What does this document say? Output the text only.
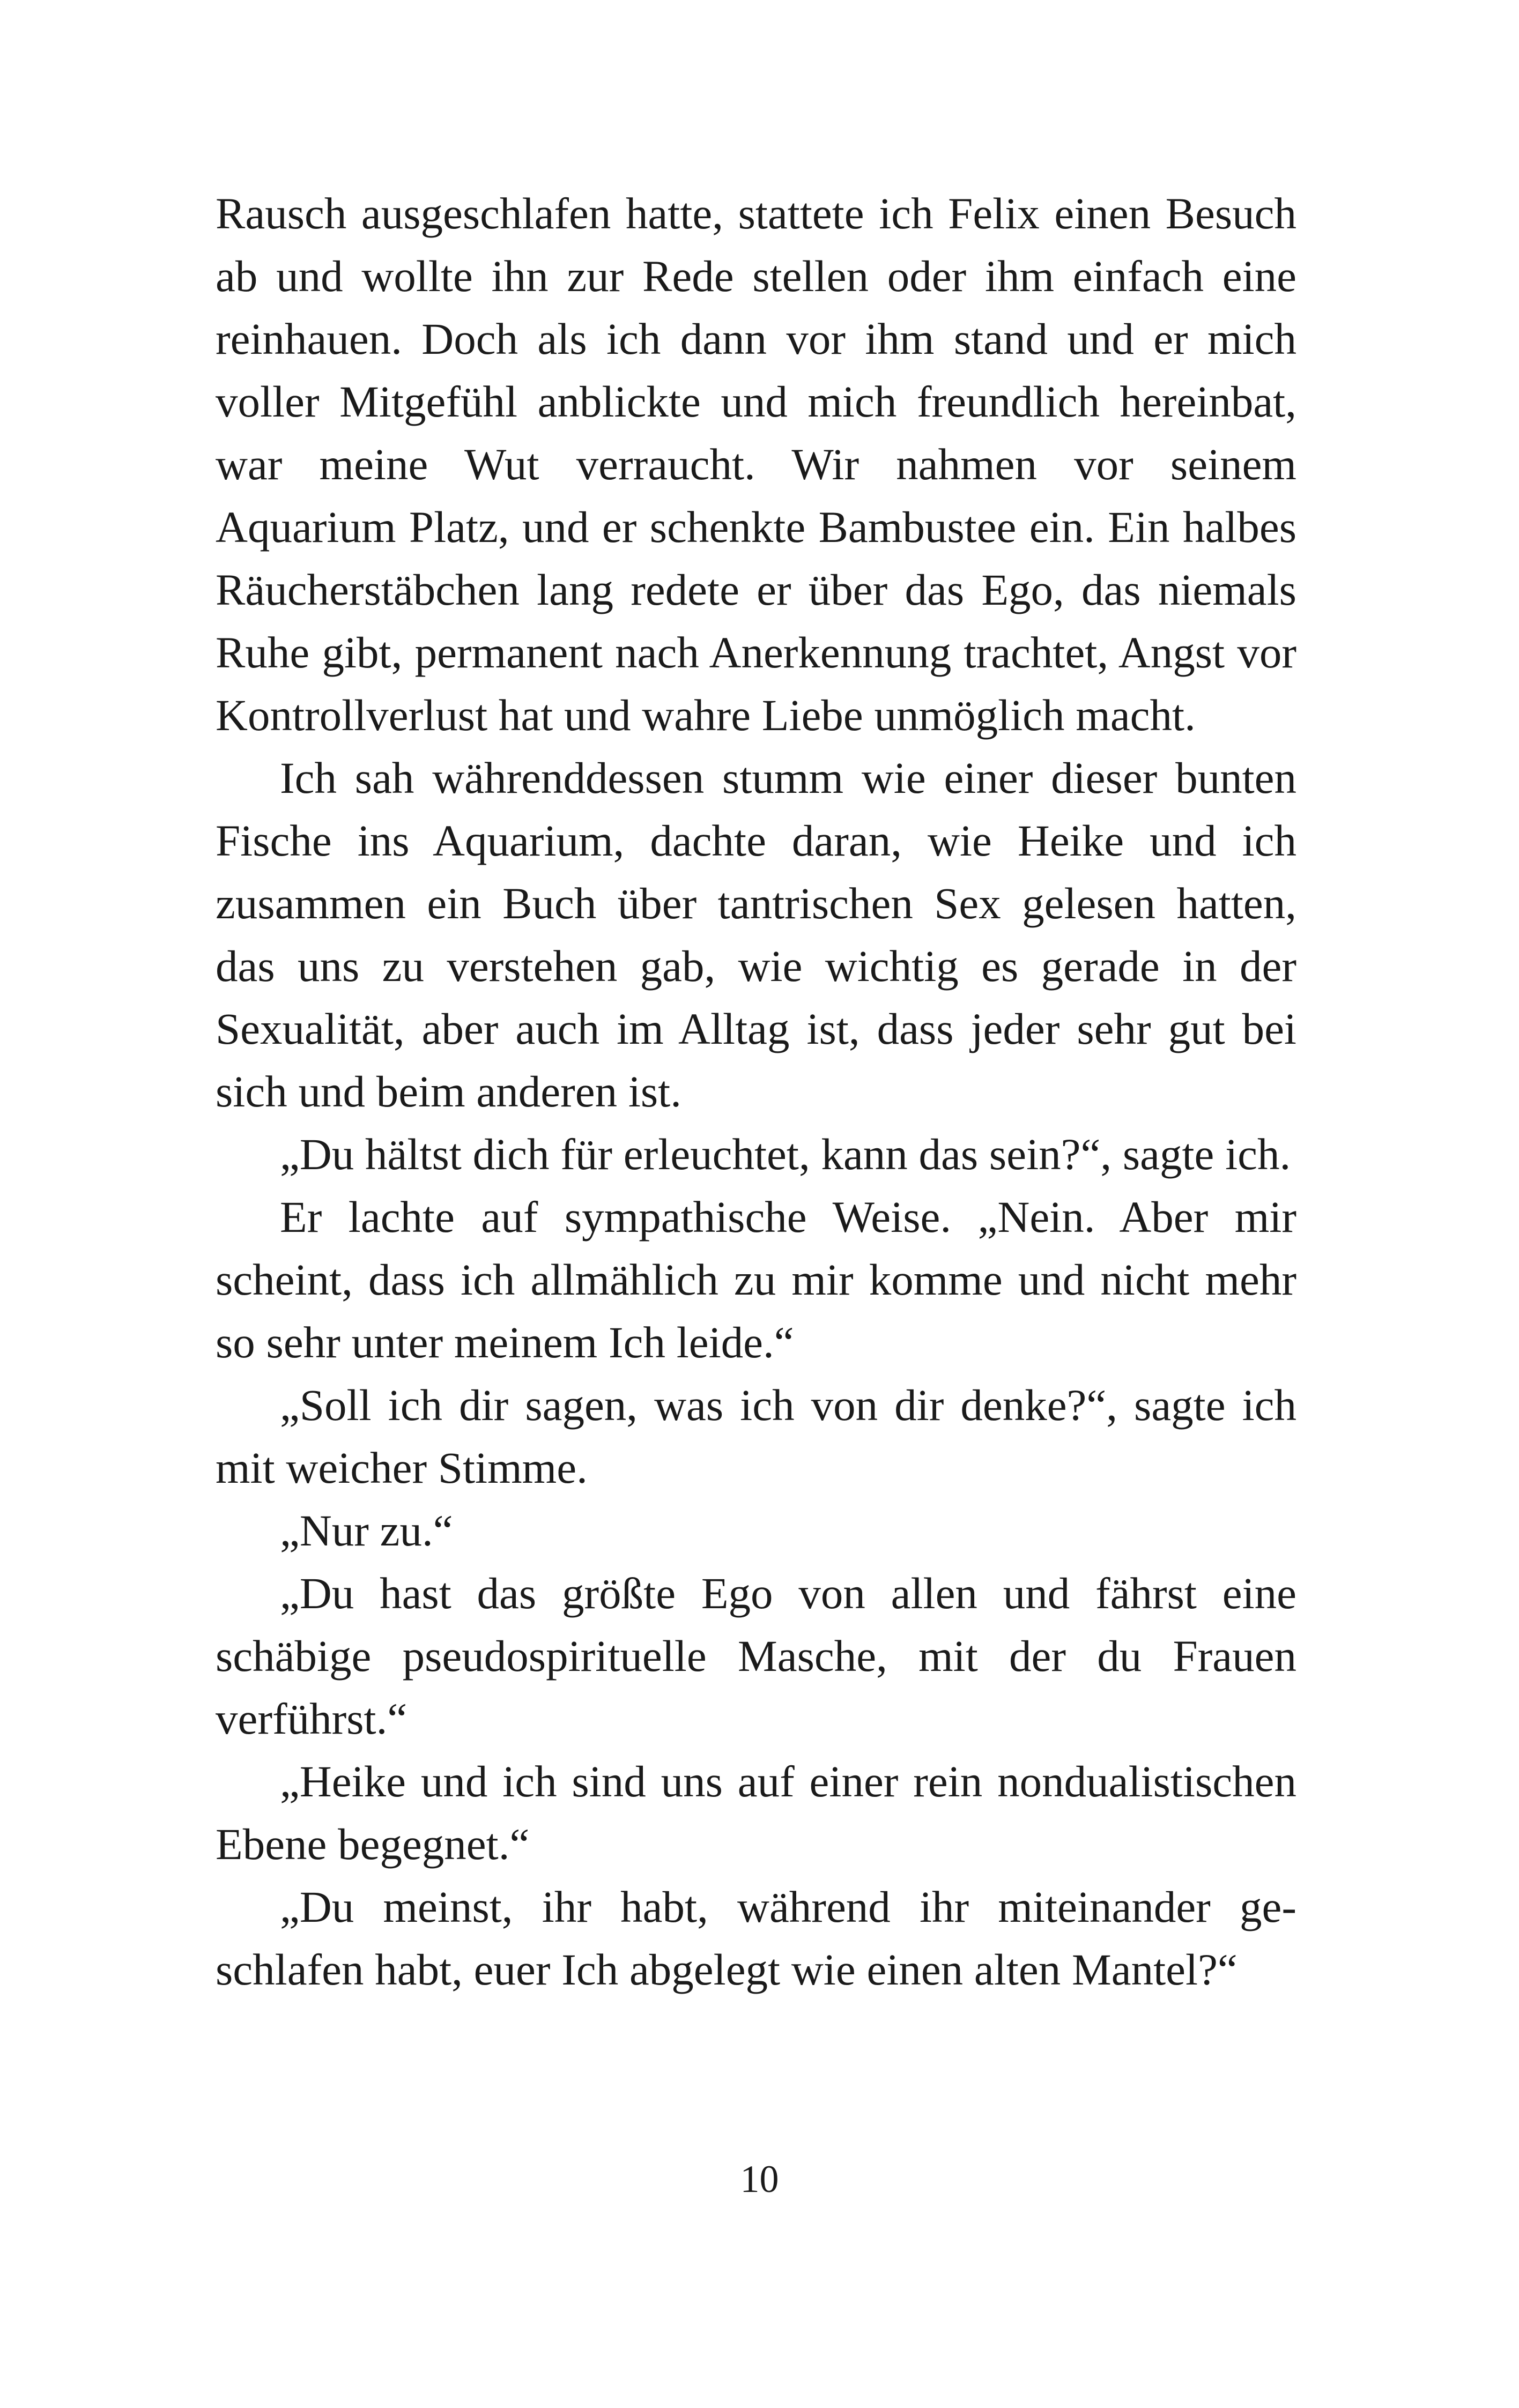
Rausch ausgeschlafen hatte, stattete ich Felix einen Besuch ab und wollte ihn zur Rede stellen oder ihm einfach eine reinhauen. Doch als ich dann vor ihm stand und er mich voller Mitgefühl anblickte und mich freundlich hereinbat, war meine Wut verraucht. Wir nahmen vor seinem Aquarium Platz, und er schenkte Bambustee ein. Ein halbes Räucherstäbchen lang redete er über das Ego, das niemals Ruhe gibt, permanent nach Anerkennung trachtet, Angst vor Kontrollverlust hat und wahre Liebe unmöglich macht.

Ich sah währenddessen stumm wie einer dieser bunten Fische ins Aquarium, dachte daran, wie Heike und ich zusammen ein Buch über tantrischen Sex gelesen hatten, das uns zu verstehen gab, wie wichtig es gerade in der Sexualität, aber auch im Alltag ist, dass jeder sehr gut bei sich und beim anderen ist.

„Du hältst dich für erleuchtet, kann das sein?“, sagte ich.

Er lachte auf sympathische Weise. „Nein. Aber mir scheint, dass ich allmählich zu mir komme und nicht mehr so sehr unter meinem Ich leide.“

„Soll ich dir sagen, was ich von dir denke?“, sagte ich mit weicher Stimme.

„Nur zu.“

„Du hast das größte Ego von allen und fährst eine schäbige pseudospirituelle Masche, mit der du Frauen verführst.“

„Heike und ich sind uns auf einer rein nondualistischen Ebene begegnet.“

„Du meinst, ihr habt, während ihr miteinander geschlafen habt, euer Ich abgelegt wie einen alten Mantel?“

10
